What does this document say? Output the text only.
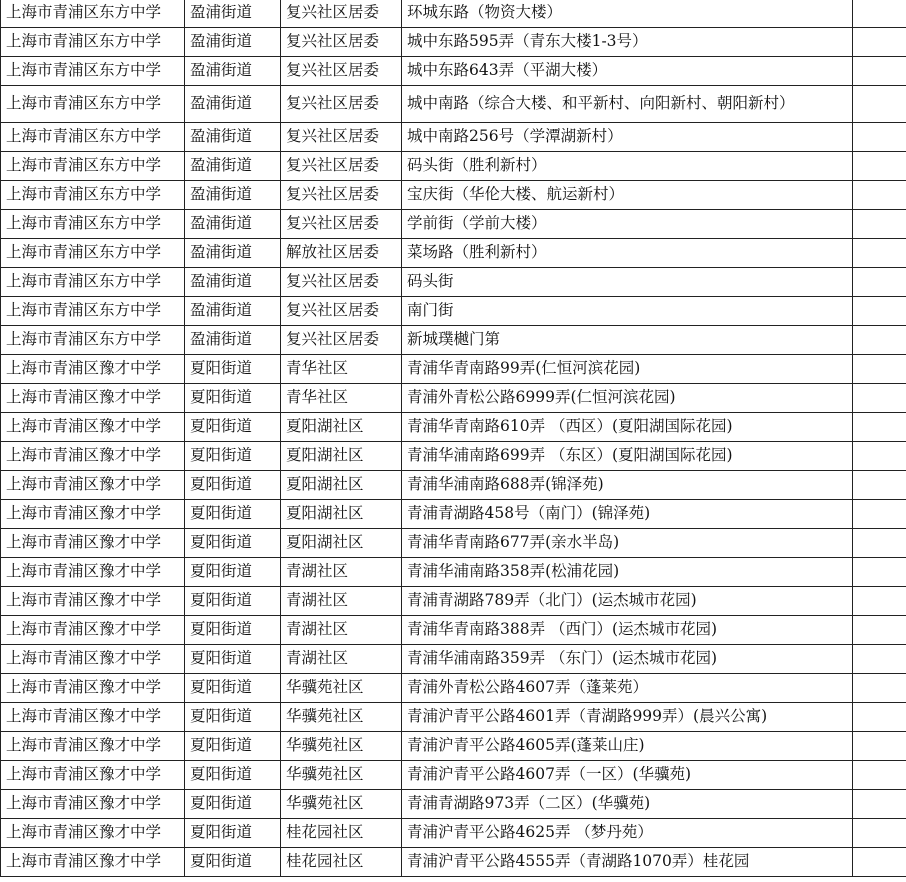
上海市青浦区东方中学	盈浦街道	复兴社区居委	环城东路（物资大楼）	
上海市青浦区东方中学	盈浦街道	复兴社区居委	城中东路595弄（青东大楼1-3号）	
上海市青浦区东方中学	盈浦街道	复兴社区居委	城中东路643弄（平湖大楼）	
上海市青浦区东方中学	盈浦街道	复兴社区居委	城中南路（综合大楼、和平新村、向阳新村、朝阳新村）	
上海市青浦区东方中学	盈浦街道	复兴社区居委	城中南路256号（学潭湖新村）	
上海市青浦区东方中学	盈浦街道	复兴社区居委	码头街（胜利新村）	
上海市青浦区东方中学	盈浦街道	复兴社区居委	宝庆街（华伦大楼、航运新村）	
上海市青浦区东方中学	盈浦街道	复兴社区居委	学前街（学前大楼）	
上海市青浦区东方中学	盈浦街道	解放社区居委	菜场路（胜利新村）	
上海市青浦区东方中学	盈浦街道	复兴社区居委	码头街	
上海市青浦区东方中学	盈浦街道	复兴社区居委	南门街	
上海市青浦区东方中学	盈浦街道	复兴社区居委	新城璞樾门第	
上海市青浦区豫才中学	夏阳街道	青华社区	青浦华青南路99弄(仁恒河滨花园)	
上海市青浦区豫才中学	夏阳街道	青华社区	青浦外青松公路6999弄(仁恒河滨花园)	
上海市青浦区豫才中学	夏阳街道	夏阳湖社区	青浦华青南路610弄 （西区）(夏阳湖国际花园)	
上海市青浦区豫才中学	夏阳街道	夏阳湖社区	青浦华浦南路699弄 （东区）(夏阳湖国际花园)	
上海市青浦区豫才中学	夏阳街道	夏阳湖社区	青浦华浦南路688弄(锦泽苑)	
上海市青浦区豫才中学	夏阳街道	夏阳湖社区	青浦青湖路458号（南门）(锦泽苑)	
上海市青浦区豫才中学	夏阳街道	夏阳湖社区	青浦华青南路677弄(亲水半岛)	
上海市青浦区豫才中学	夏阳街道	青湖社区	青浦华浦南路358弄(松浦花园)	
上海市青浦区豫才中学	夏阳街道	青湖社区	青浦青湖路789弄（北门）(运杰城市花园)	
上海市青浦区豫才中学	夏阳街道	青湖社区	青浦华青南路388弄 （西门）(运杰城市花园)	
上海市青浦区豫才中学	夏阳街道	青湖社区	青浦华浦南路359弄 （东门）(运杰城市花园)	
上海市青浦区豫才中学	夏阳街道	华骥苑社区	青浦外青松公路4607弄（蓬莱苑）	
上海市青浦区豫才中学	夏阳街道	华骥苑社区	青浦沪青平公路4601弄（青湖路999弄）(晨兴公寓)	
上海市青浦区豫才中学	夏阳街道	华骥苑社区	青浦沪青平公路4605弄(蓬莱山庄)	
上海市青浦区豫才中学	夏阳街道	华骥苑社区	青浦沪青平公路4607弄（一区）(华骥苑)	
上海市青浦区豫才中学	夏阳街道	华骥苑社区	青浦青湖路973弄（二区）(华骥苑)	
上海市青浦区豫才中学	夏阳街道	桂花园社区	青浦沪青平公路4625弄 （梦丹苑）	
上海市青浦区豫才中学	夏阳街道	桂花园社区	青浦沪青平公路4555弄（青湖路1070弄）桂花园	
